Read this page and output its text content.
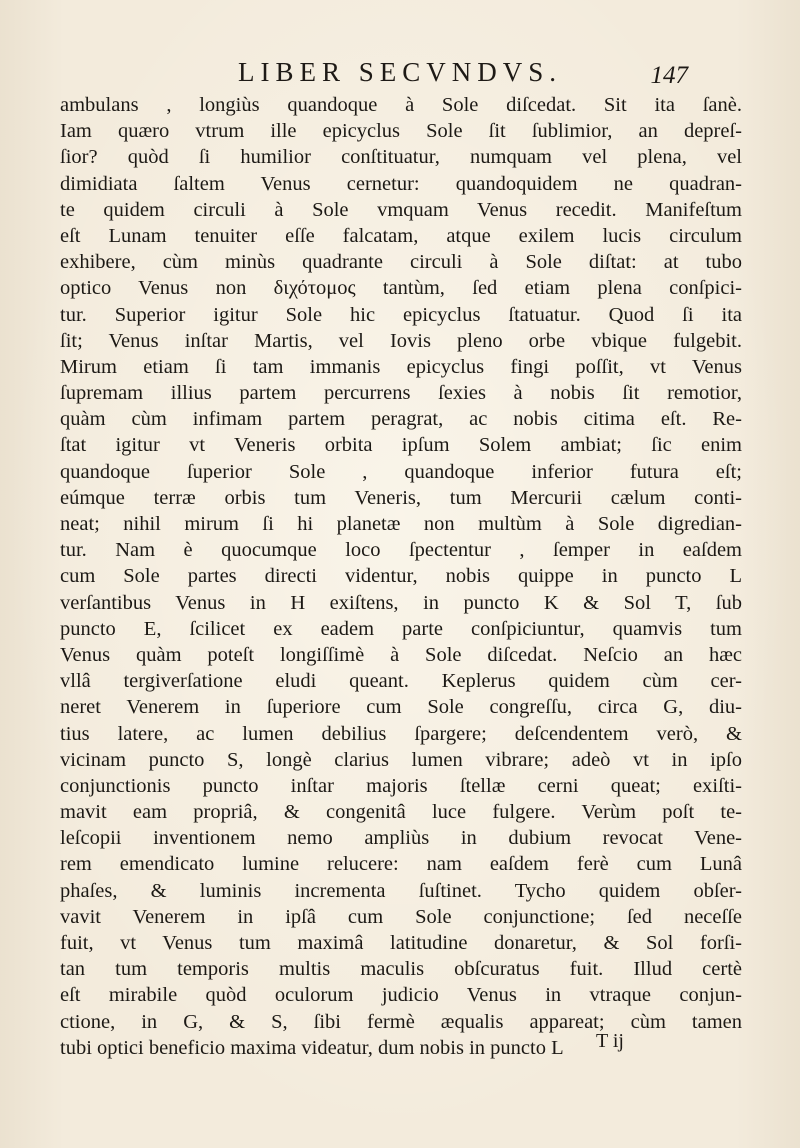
LIBER SECVNDVS.	147
ambulans , longiùs quandoque à Sole diſcedat. Sit ita ſanè.
Iam quæro vtrum ille epicyclus Sole ſit ſublimior, an depreſ-
ſior? quòd ſi humilior conſtituatur, numquam vel plena, vel
dimidiata ſaltem Venus cernetur: quandoquidem ne quadran-
te quidem circuli à Sole vmquam Venus recedit. Manifeſtum
eſt Lunam tenuiter eſſe falcatam, atque exilem lucis circulum
exhibere, cùm minùs quadrante circuli à Sole diſtat: at tubo
optico Venus non διχότομος tantùm, ſed etiam plena conſpici-
tur. Superior igitur Sole hic epicyclus ſtatuatur. Quod ſi ita
ſit; Venus inſtar Martis, vel Iovis pleno orbe vbique fulgebit.
Mirum etiam ſi tam immanis epicyclus fingi poſſit, vt Venus
ſupremam illius partem percurrens ſexies à nobis ſit remotior,
quàm cùm infimam partem peragrat, ac nobis citima eſt. Re-
ſtat igitur vt Veneris orbita ipſum Solem ambiat; ſic enim
quandoque ſuperior Sole , quandoque inferior futura eſt;
eúmque terræ orbis tum Veneris, tum Mercurii cælum conti-
neat; nihil mirum ſi hi planetæ non multùm à Sole digredian-
tur. Nam è quocumque loco ſpectentur , ſemper in eaſdem
cum Sole partes directi videntur, nobis quippe in puncto L
verſantibus Venus in H exiſtens, in puncto K & Sol T, ſub
puncto E, ſcilicet ex eadem parte conſpiciuntur, quamvis tum
Venus quàm poteſt longiſſimè à Sole diſcedat. Neſcio an hæc
vllâ tergiverſatione eludi queant. Keplerus quidem cùm cer-
neret Venerem in ſuperiore cum Sole congreſſu, circa G, diu-
tius latere, ac lumen debilius ſpargere; deſcendentem verò, &
vicinam puncto S, longè clarius lumen vibrare; adeò vt in ipſo
conjunctionis puncto inſtar majoris ſtellæ cerni queat; exiſti-
mavit eam propriâ, & congenitâ luce fulgere. Verùm poſt te-
leſcopii inventionem nemo ampliùs in dubium revocat Vene-
rem emendicato lumine relucere: nam eaſdem ferè cum Lunâ
phaſes, & luminis incrementa ſuſtinet. Tycho quidem obſer-
vavit Venerem in ipſâ cum Sole conjunctione; ſed neceſſe
fuit, vt Venus tum maximâ latitudine donaretur, & Sol forſi-
tan tum temporis multis maculis obſcuratus fuit. Illud certè
eſt mirabile quòd oculorum judicio Venus in vtraque conjun-
ctione, in G, & S, ſibi fermè æqualis appareat; cùm tamen
tubi optici beneficio maxima videatur, dum nobis in puncto L	T ij
